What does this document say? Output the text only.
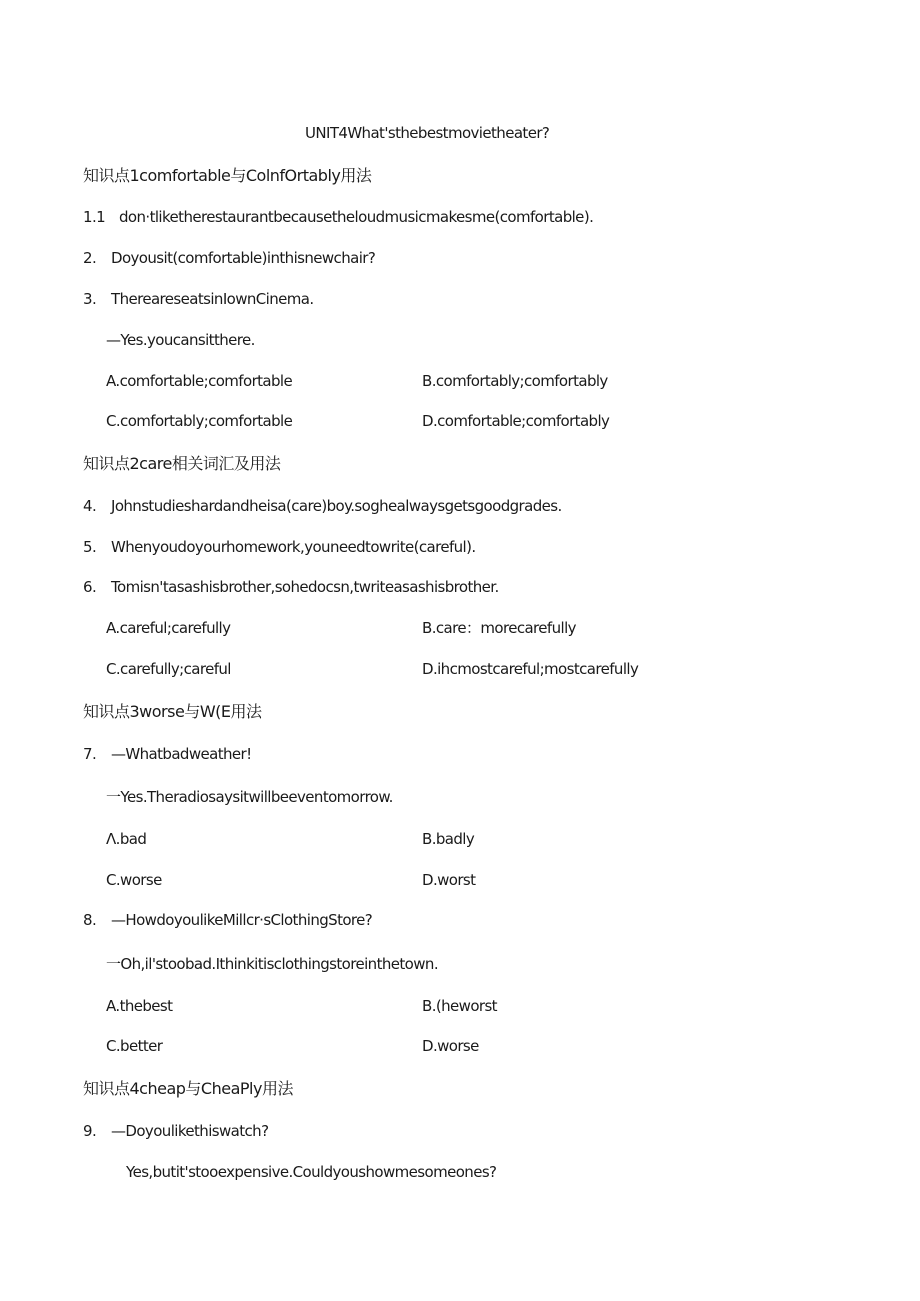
UNIT4What'sthebestmovietheater?
知识点1comfortable与ColnfOrtably用法
1.1 don·tliketherestaurantbecausetheloudmusicmakesme(comfortable).
2. Doyousit(comfortable)inthisnewchair?
3. ThereareseatsinIownCinema.
—Yes.youcansitthere.
A.comfortable;comfortable	B.comfortably;comfortably
C.comfortably;comfortable	D.comfortable;comfortably
知识点2care相关词汇及用法
4. Johnstudieshardandheisa(care)boy.soghealwaysgetsgoodgrades.
5. Whenyoudoyourhomework,youneedtowrite(careful).
6. Tomisn'tasashisbrother,sohedocsn,twriteasashisbrother.
A.careful;carefully	B.care：morecarefully
C.carefully;careful	D.ihcmostcareful;mostcarefully
知识点3worse与W(E用法
7. —Whatbadweather!
一Yes.Theradiosaysitwillbeeventomorrow.
Λ.bad	B.badly
C.worse	D.worst
8. —HowdoyoulikeMillcr·sClothingStore?
一Oh,il'stoobad.Ithinkitisclothingstoreinthetown.
A.thebest	B.(heworst
C.better	D.worse
知识点4cheap与CheaPly用法
9. —Doyoulikethiswatch?
Yes,butit'stooexpensive.Couldyoushowmesomeones?
